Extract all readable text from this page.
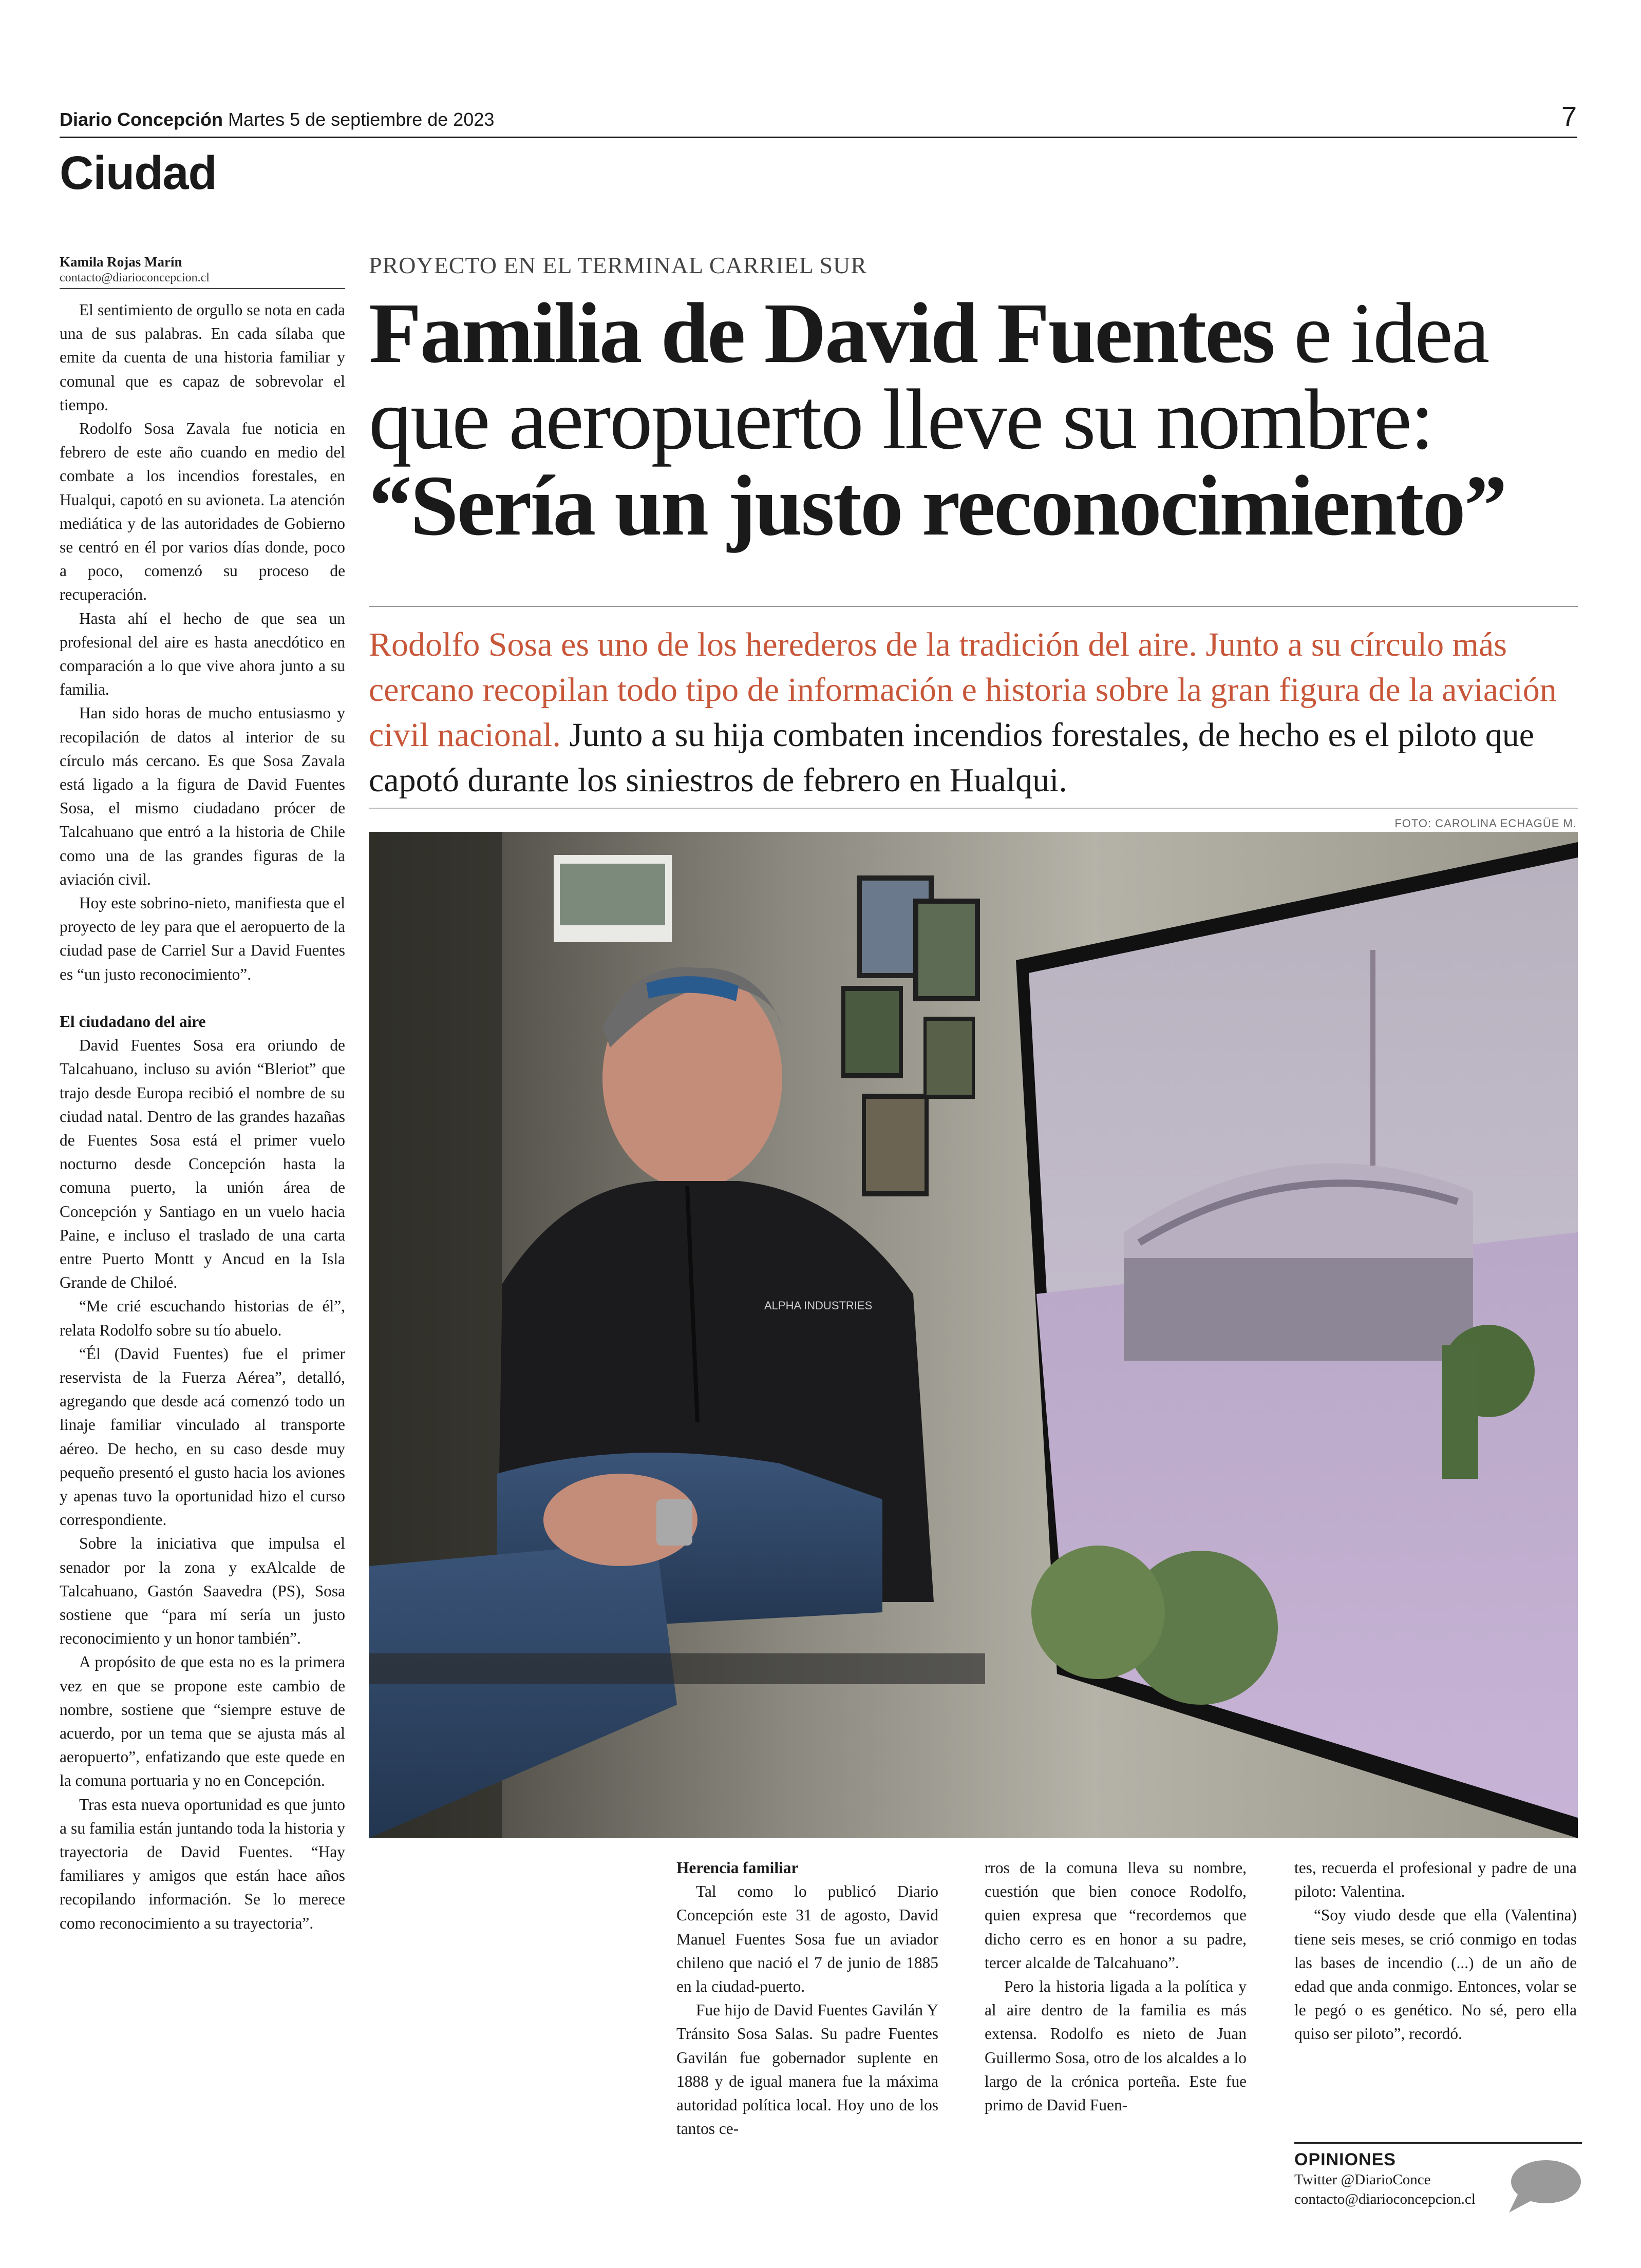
Diario Concepción Martes 5 de septiembre de 2023	7
Ciudad
Kamila Rojas Marín
contacto@diarioconcepcion.cl

El sentimiento de orgullo se nota en cada una de sus palabras. En cada sílaba que emite da cuenta de una historia familiar y comunal que es capaz de sobrevolar el tiempo.

Rodolfo Sosa Zavala fue noticia en febrero de este año cuando en medio del combate a los incendios forestales, en Hualqui, capotó en su avioneta. La atención mediática y de las autoridades de Gobierno se centró en él por varios días donde, poco a poco, comenzó su proceso de recuperación.

Hasta ahí el hecho de que sea un profesional del aire es hasta anecdótico en comparación a lo que vive ahora junto a su familia.

Han sido horas de mucho entusiasmo y recopilación de datos al interior de su círculo más cercano. Es que Sosa Zavala está ligado a la figura de David Fuentes Sosa, el mismo ciudadano prócer de Talcahuano que entró a la historia de Chile como una de las grandes figuras de la aviación civil.

Hoy este sobrino-nieto, manifiesta que el proyecto de ley para que el aeropuerto de la ciudad pase de Carriel Sur a David Fuentes es “un justo reconocimiento”.

El ciudadano del aire

David Fuentes Sosa era oriundo de Talcahuano, incluso su avión “Bleriot” que trajo desde Europa recibió el nombre de su ciudad natal. Dentro de las grandes hazañas de Fuentes Sosa está el primer vuelo nocturno desde Concepción hasta la comuna puerto, la unión área de Concepción y Santiago en un vuelo hacia Paine, e incluso el traslado de una carta entre Puerto Montt y Ancud en la Isla Grande de Chiloé.

“Me crié escuchando historias de él”, relata Rodolfo sobre su tío abuelo.

“Él (David Fuentes) fue el primer reservista de la Fuerza Aérea”, detalló, agregando que desde acá comenzó todo un linaje familiar vinculado al transporte aéreo. De hecho, en su caso desde muy pequeño presentó el gusto hacia los aviones y apenas tuvo la oportunidad hizo el curso correspondiente.

Sobre la iniciativa que impulsa el senador por la zona y exAlcalde de Talcahuano, Gastón Saavedra (PS), Sosa sostiene que “para mí sería un justo reconocimiento y un honor también”.

A propósito de que esta no es la primera vez en que se propone este cambio de nombre, sostiene que “siempre estuve de acuerdo, por un tema que se ajusta más al aeropuerto”, enfatizando que este quede en la comuna portuaria y no en Concepción.

Tras esta nueva oportunidad es que junto a su familia están juntando toda la historia y trayectoria de David Fuentes. “Hay familiares y amigos que están hace años recopilando información. Se lo merece como reconocimiento a su trayectoria”.

PROYECTO EN EL TERMINAL CARRIEL SUR
Familia de David Fuentes e idea que aeropuerto lleve su nombre: “Sería un justo reconocimiento”
Rodolfo Sosa es uno de los herederos de la tradición del aire. Junto a su círculo más cercano recopilan todo tipo de información e historia sobre la gran figura de la aviación civil nacional. Junto a su hija combaten incendios forestales, de hecho es el piloto que capotó durante los siniestros de febrero en Hualqui.
FOTO: CAROLINA ECHAGÜE M.
ALPHA INDUSTRIES

Herencia familiar

Tal como lo publicó Diario Concepción este 31 de agosto, David Manuel Fuentes Sosa fue un aviador chileno que nació el 7 de junio de 1885 en la ciudad-puerto.

Fue hijo de David Fuentes Gavilán Y Tránsito Sosa Salas. Su padre Fuentes Gavilán fue gobernador suplente en 1888 y de igual manera fue la máxima autoridad política local. Hoy uno de los tantos ce-

rros de la comuna lleva su nombre, cuestión que bien conoce Rodolfo, quien expresa que “recordemos que dicho cerro es en honor a su padre, tercer alcalde de Talcahuano”.

Pero la historia ligada a la política y al aire dentro de la familia es más extensa. Rodolfo es nieto de Juan Guillermo Sosa, otro de los alcaldes a lo largo de la crónica porteña. Este fue primo de David Fuen-

tes, recuerda el profesional y padre de una piloto: Valentina.

“Soy viudo desde que ella (Valentina) tiene seis meses, se crió conmigo en todas las bases de incendio (...) de un año de edad que anda conmigo. Entonces, volar se le pegó o es genético. No sé, pero ella quiso ser piloto”, recordó.

OPINIONES
Twitter @DiarioConce
contacto@diarioconcepcion.cl
